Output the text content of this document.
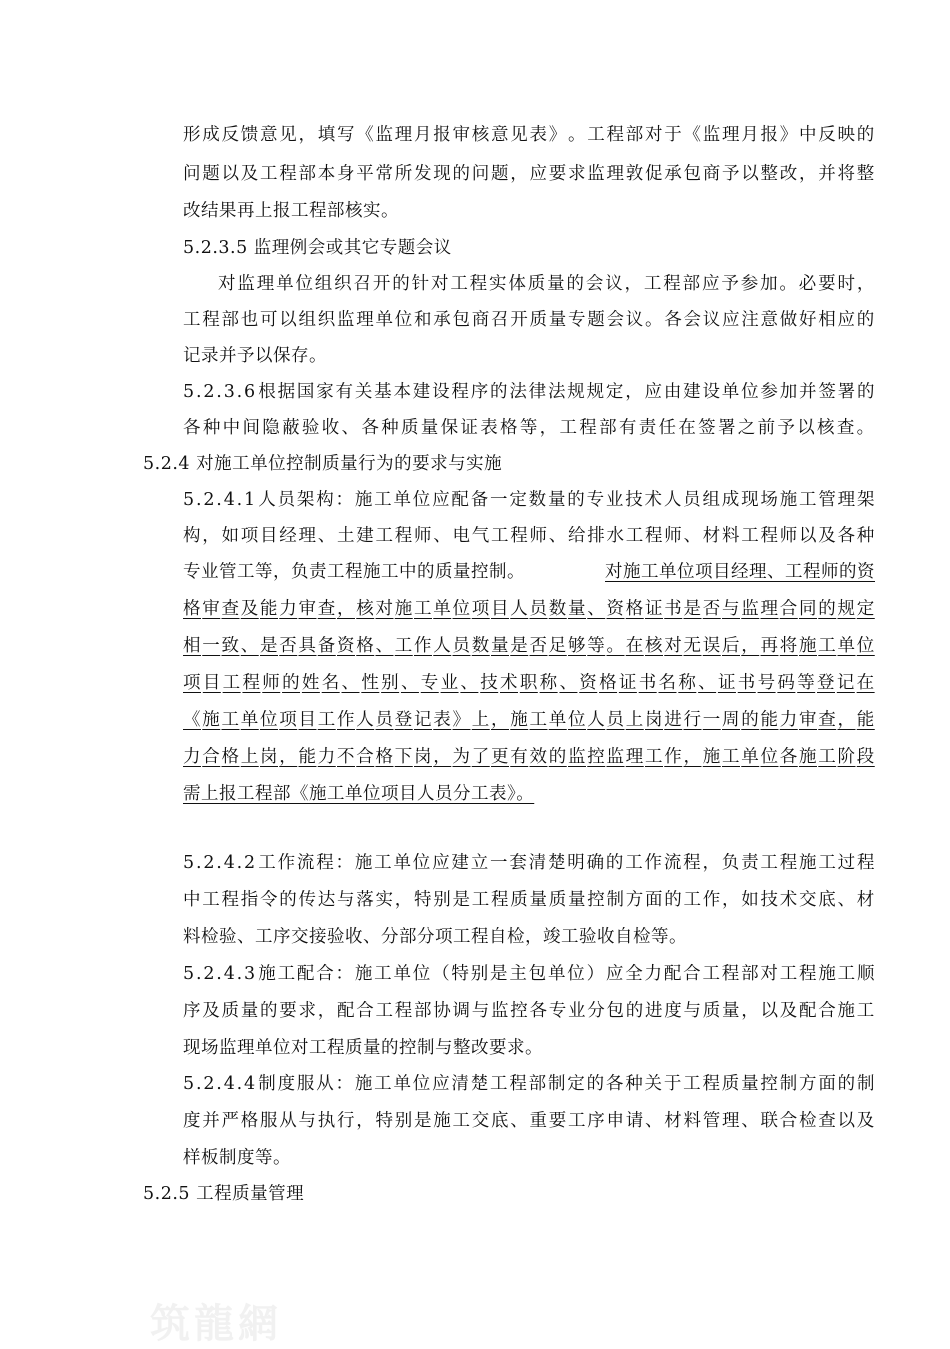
形 成 反 馈 意 见 ， 填 写 《 监 理 月 报 审 核 意 见 表 》 。 工 程 部 对 于 《 监 理 月 报 》 中 反 映 的
问 题 以 及 工 程 部 本 身 平 常 所 发 现 的 问 题 ， 应 要 求 监 理 敦 促 承 包 商 予 以 整 改 ， 并 将 整
改结果再上报工程部核实。
5.2.3.5 监理例会或其它专题会议
对 监 理 单 位 组 织 召 开 的 针 对 工 程 实 体 质 量 的 会 议 ， 工 程 部 应 予 参 加 。 必 要 时 ，
工 程 部 也 可 以 组 织 监 理 单 位 和 承 包 商 召 开 质 量 专 题 会 议 。 各 会 议 应 注 意 做 好 相 应 的
记录并予以保存。
5 . 2 . 3 . 6 根 据 国 家 有 关 基 本 建 设 程 序 的 法 律 法 规 规 定 ， 应 由 建 设 单 位 参 加 并 签 署 的
各 种 中 间 隐 蔽 验 收 、 各 种 质 量 保 证 表 格 等 ， 工 程 部 有 责 任 在 签 署 之 前 予 以 核 查 。
5.2.4 对施工单位控制质量行为的要求与实施
5 . 2 . 4 . 1 人 员 架 构 ： 施 工 单 位 应 配 备 一 定 数 量 的 专 业 技 术 人 员 组 成 现 场 施 工 管 理 架
构 ， 如 项 目 经 理 、 土 建 工 程 师 、 电 气 工 程 师 、 给 排 水 工 程 师 、 材 料 工 程 师 以 及 各 种
专业管工等，负责工程施工中的质量控制。	对施工单位项目经理、工程师的资
格 审 查 及 能 力 审 查 ， 核 对 施 工 单 位 项 目 人 员 数 量 、 资 格 证 书 是 否 与 监 理 合 同 的 规 定
相 一 致 、 是 否 具 备 资 格 、 工 作 人 员 数 量 是 否 足 够 等 。 在 核 对 无 误 后 ， 再 将 施 工 单 位
项 目 工 程 师 的 姓 名 、 性 别 、 专 业 、 技 术 职 称 、 资 格 证 书 名 称 、 证 书 号 码 等 登 记 在
《 施 工 单 位 项 目 工 作 人 员 登 记 表 》 上 ， 施 工 单 位 人 员 上 岗 进 行 一 周 的 能 力 审 查 ， 能
力 合 格 上 岗 ， 能 力 不 合 格 下 岗 ， 为 了 更 有 效 的 监 控 监 理 工 作 ， 施 工 单 位 各 施 工 阶 段
需上报工程部《施工单位项目人员分工表》。
5 . 2 . 4 . 2 工 作 流 程 ： 施 工 单 位 应 建 立 一 套 清 楚 明 确 的 工 作 流 程 ， 负 责 工 程 施 工 过 程
中 工 程 指 令 的 传 达 与 落 实 ， 特 别 是 工 程 质 量 质 量 控 制 方 面 的 工 作 ， 如 技 术 交 底 、 材
料检验、工序交接验收、分部分项工程自检，竣工验收自检等。
5 . 2 . 4 . 3 施 工 配 合 ： 施 工 单 位 （ 特 别 是 主 包 单 位 ） 应 全 力 配 合 工 程 部 对 工 程 施 工 顺
序 及 质 量 的 要 求 ， 配 合 工 程 部 协 调 与 监 控 各 专 业 分 包 的 进 度 与 质 量 ， 以 及 配 合 施 工
现场监理单位对工程质量的控制与整改要求。
5 . 2 . 4 . 4 制 度 服 从 ： 施 工 单 位 应 清 楚 工 程 部 制 定 的 各 种 关 于 工 程 质 量 控 制 方 面 的 制
度 并 严 格 服 从 与 执 行 ， 特 别 是 施 工 交 底 、 重 要 工 序 申 请 、 材 料 管 理 、 联 合 检 查 以 及
样板制度等。
5.2.5 工程质量管理
筑龍網
